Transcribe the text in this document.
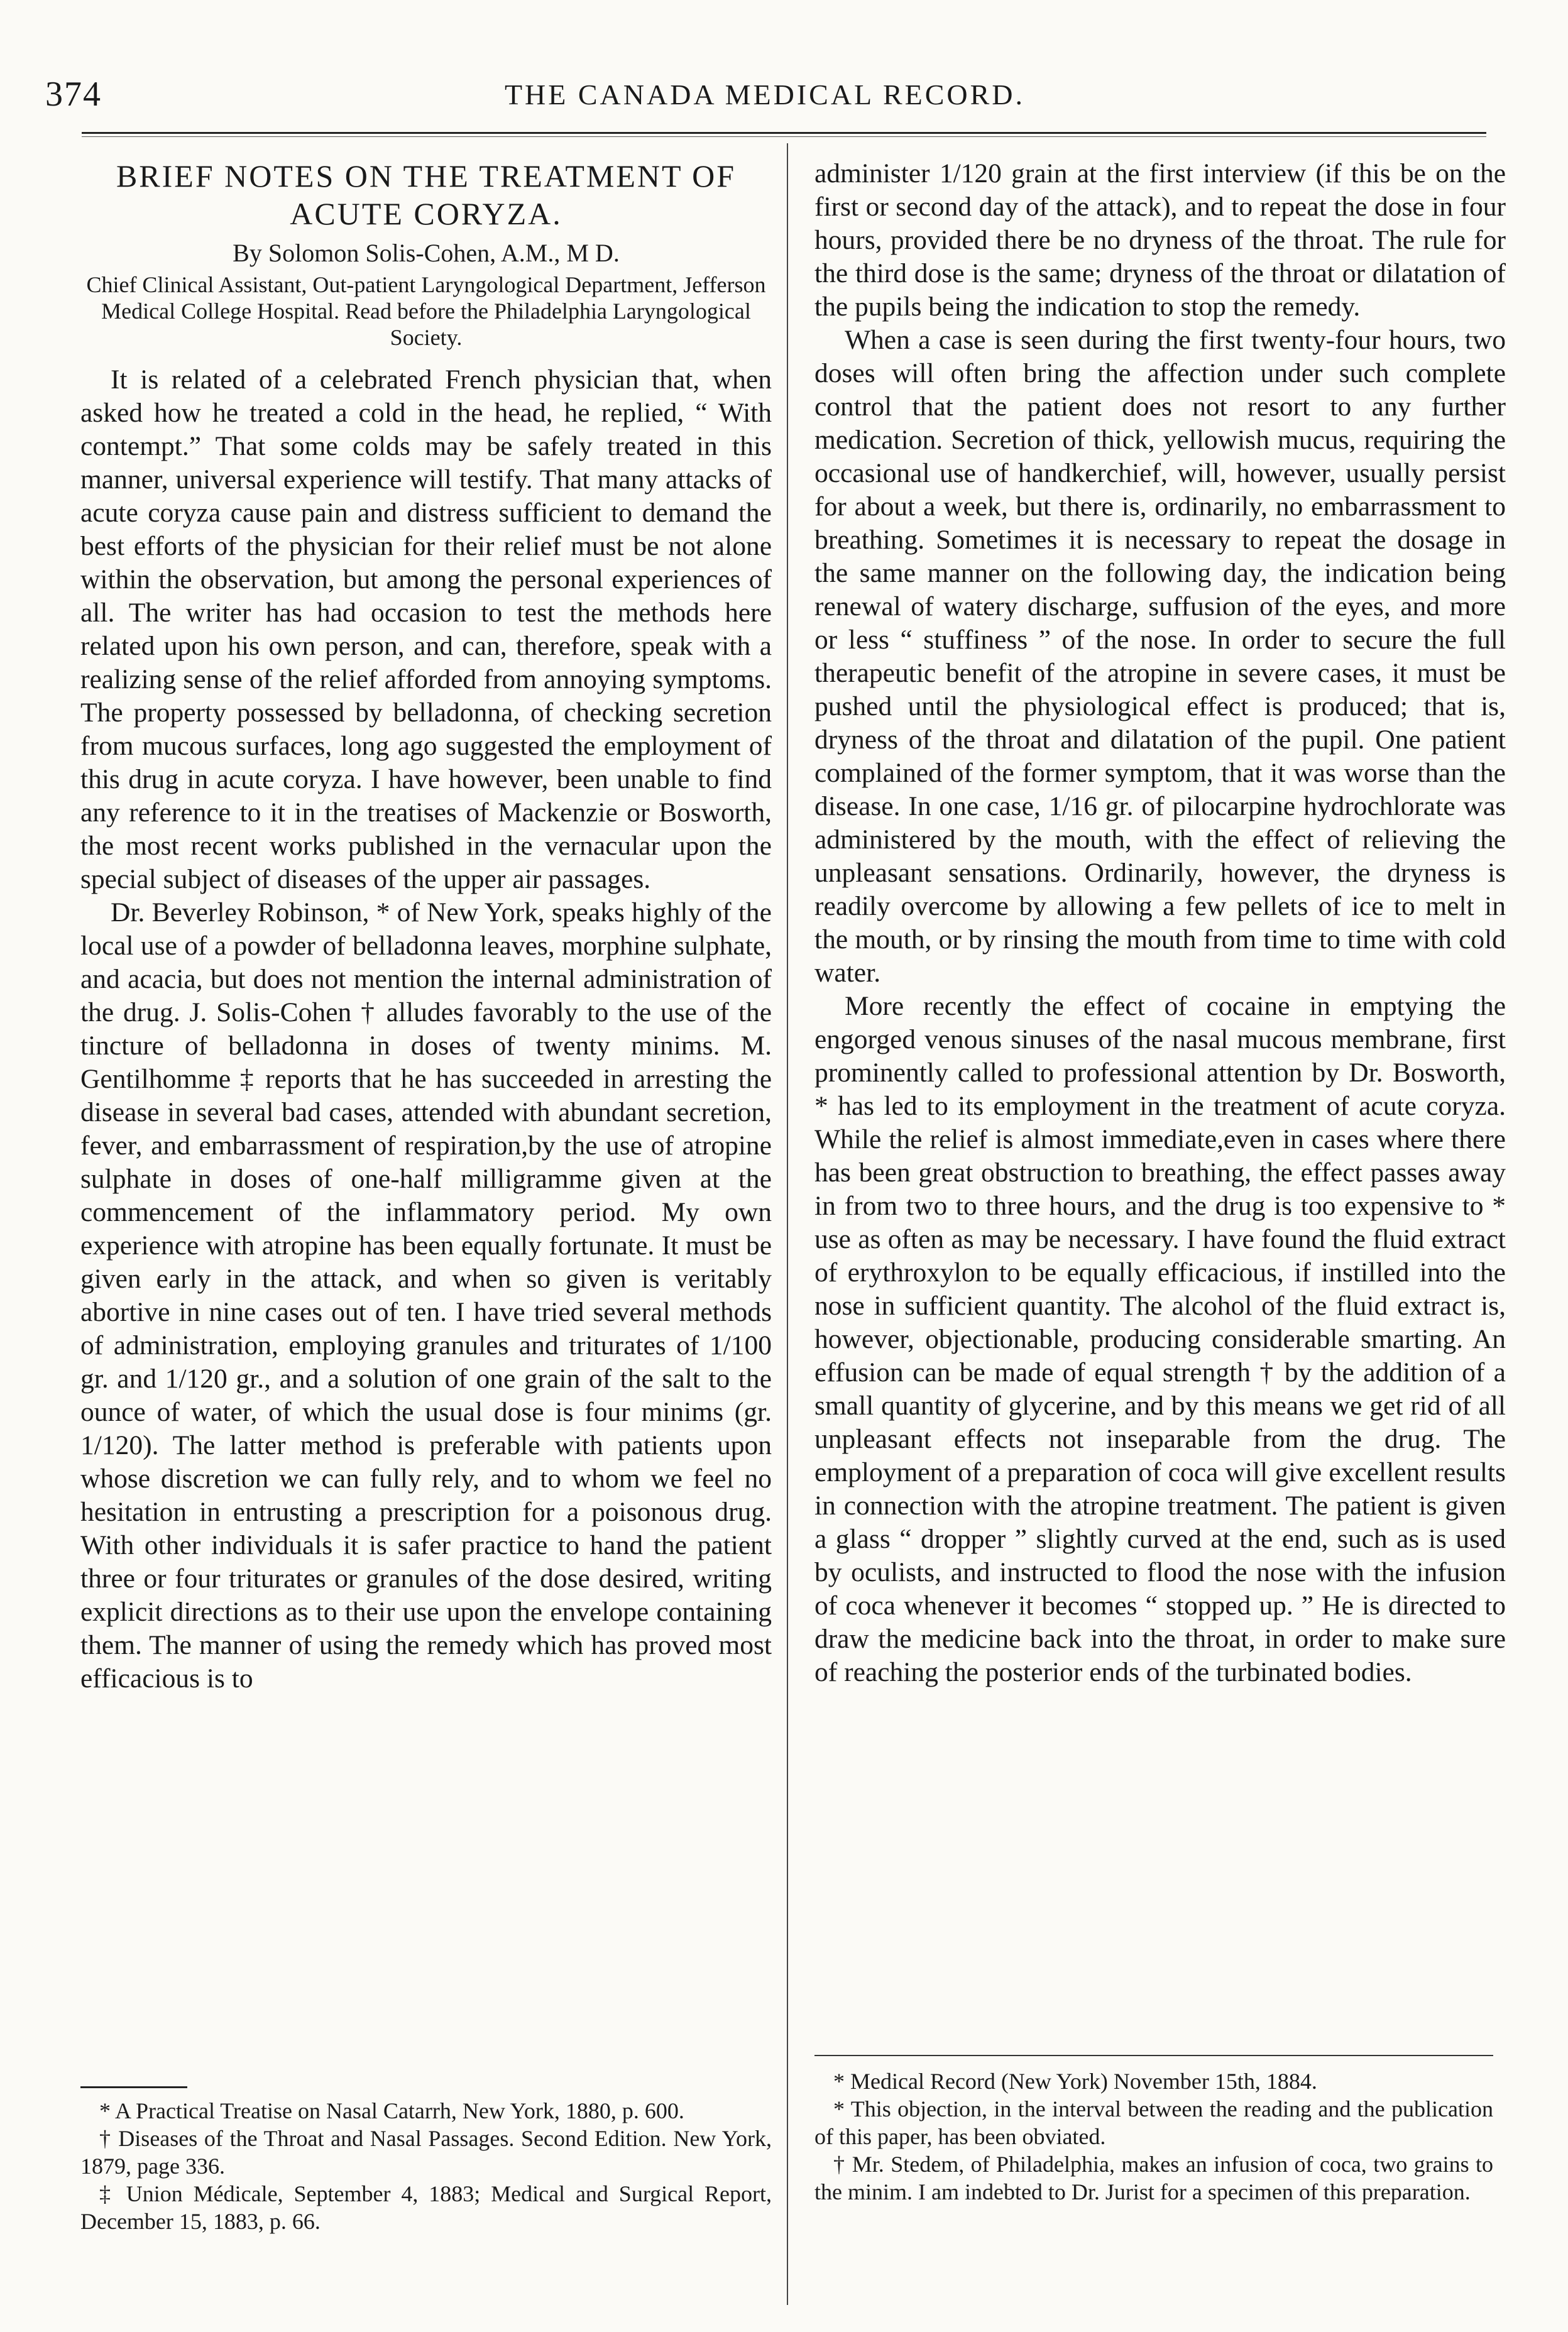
374	THE CANADA MEDICAL RECORD.
BRIEF NOTES ON THE TREATMENT OF ACUTE CORYZA.
By Solomon Solis-Cohen, A.M., M D.
Chief Clinical Assistant, Out-patient Laryngological Department, Jefferson Medical College Hospital. Read before the Philadelphia Laryngological Society.

It is related of a celebrated French physician that, when asked how he treated a cold in the head, he replied, “ With contempt.” That some colds may be safely treated in this manner, universal experience will testify. That many attacks of acute coryza cause pain and distress sufficient to demand the best efforts of the physician for their relief must be not alone within the observation, but among the personal experiences of all. The writer has had occasion to test the methods here related upon his own person, and can, therefore, speak with a realizing sense of the relief afforded from annoying symptoms. The property possessed by belladonna, of checking secretion from mucous surfaces, long ago suggested the employment of this drug in acute coryza. I have however, been unable to find any reference to it in the treatises of Mackenzie or Bosworth, the most recent works published in the vernacular upon the special subject of diseases of the upper air passages.

Dr. Beverley Robinson, * of New York, speaks highly of the local use of a powder of belladonna leaves, morphine sulphate, and acacia, but does not mention the internal administration of the drug. J. Solis-Cohen † alludes favorably to the use of the tincture of belladonna in doses of twenty minims. M. Gentilhomme ‡ reports that he has succeeded in arresting the disease in several bad cases, attended with abundant secretion, fever, and embarrassment of respiration,by the use of atropine sulphate in doses of one-half milligramme given at the commencement of the inflammatory period. My own experience with atropine has been equally fortunate. It must be given early in the attack, and when so given is veritably abortive in nine cases out of ten. I have tried several methods of administration, employing granules and triturates of 1/100 gr. and 1/120 gr., and a solution of one grain of the salt to the ounce of water, of which the usual dose is four minims (gr. 1/120). The latter method is preferable with patients upon whose discretion we can fully rely, and to whom we feel no hesitation in entrusting a prescription for a poisonous drug. With other individuals it is safer practice to hand the patient three or four triturates or granules of the dose desired, writing explicit directions as to their use upon the envelope containing them. The manner of using the remedy which has proved most efficacious is to

* A Practical Treatise on Nasal Catarrh, New York, 1880, p. 600.

† Diseases of the Throat and Nasal Passages. Second Edition. New York, 1879, page 336.

‡ Union Médicale, September 4, 1883; Medical and Surgical Report, December 15, 1883, p. 66.

administer 1/120 grain at the first interview (if this be on the first or second day of the attack), and to repeat the dose in four hours, provided there be no dryness of the throat. The rule for the third dose is the same; dryness of the throat or dilatation of the pupils being the indication to stop the remedy.

When a case is seen during the first twenty-four hours, two doses will often bring the affection under such complete control that the patient does not resort to any further medication. Secretion of thick, yellowish mucus, requiring the occasional use of handkerchief, will, however, usually persist for about a week, but there is, ordinarily, no embarrassment to breathing. Sometimes it is necessary to repeat the dosage in the same manner on the following day, the indication being renewal of watery discharge, suffusion of the eyes, and more or less “ stuffiness ” of the nose. In order to secure the full therapeutic benefit of the atropine in severe cases, it must be pushed until the physiological effect is produced; that is, dryness of the throat and dilatation of the pupil. One patient complained of the former symptom, that it was worse than the disease. In one case, 1/16 gr. of pilocarpine hydrochlorate was administered by the mouth, with the effect of relieving the unpleasant sensations. Ordinarily, however, the dryness is readily overcome by allowing a few pellets of ice to melt in the mouth, or by rinsing the mouth from time to time with cold water.

More recently the effect of cocaine in emptying the engorged venous sinuses of the nasal mucous membrane, first prominently called to professional attention by Dr. Bosworth, * has led to its employment in the treatment of acute coryza. While the relief is almost immediate,even in cases where there has been great obstruction to breathing, the effect passes away in from two to three hours, and the drug is too expensive to * use as often as may be necessary. I have found the fluid extract of erythroxylon to be equally efficacious, if instilled into the nose in sufficient quantity. The alcohol of the fluid extract is, however, objectionable, producing considerable smarting. An effusion can be made of equal strength † by the addition of a small quantity of glycerine, and by this means we get rid of all unpleasant effects not inseparable from the drug. The employment of a preparation of coca will give excellent results in connection with the atropine treatment. The patient is given a glass “ dropper ” slightly curved at the end, such as is used by oculists, and instructed to flood the nose with the infusion of coca whenever it becomes “ stopped up. ” He is directed to draw the medicine back into the throat, in order to make sure of reaching the posterior ends of the turbinated bodies.

* Medical Record (New York) November 15th, 1884.

* This objection, in the interval between the reading and the publication of this paper, has been obviated.

† Mr. Stedem, of Philadelphia, makes an infusion of coca, two grains to the minim. I am indebted to Dr. Jurist for a specimen of this preparation.
